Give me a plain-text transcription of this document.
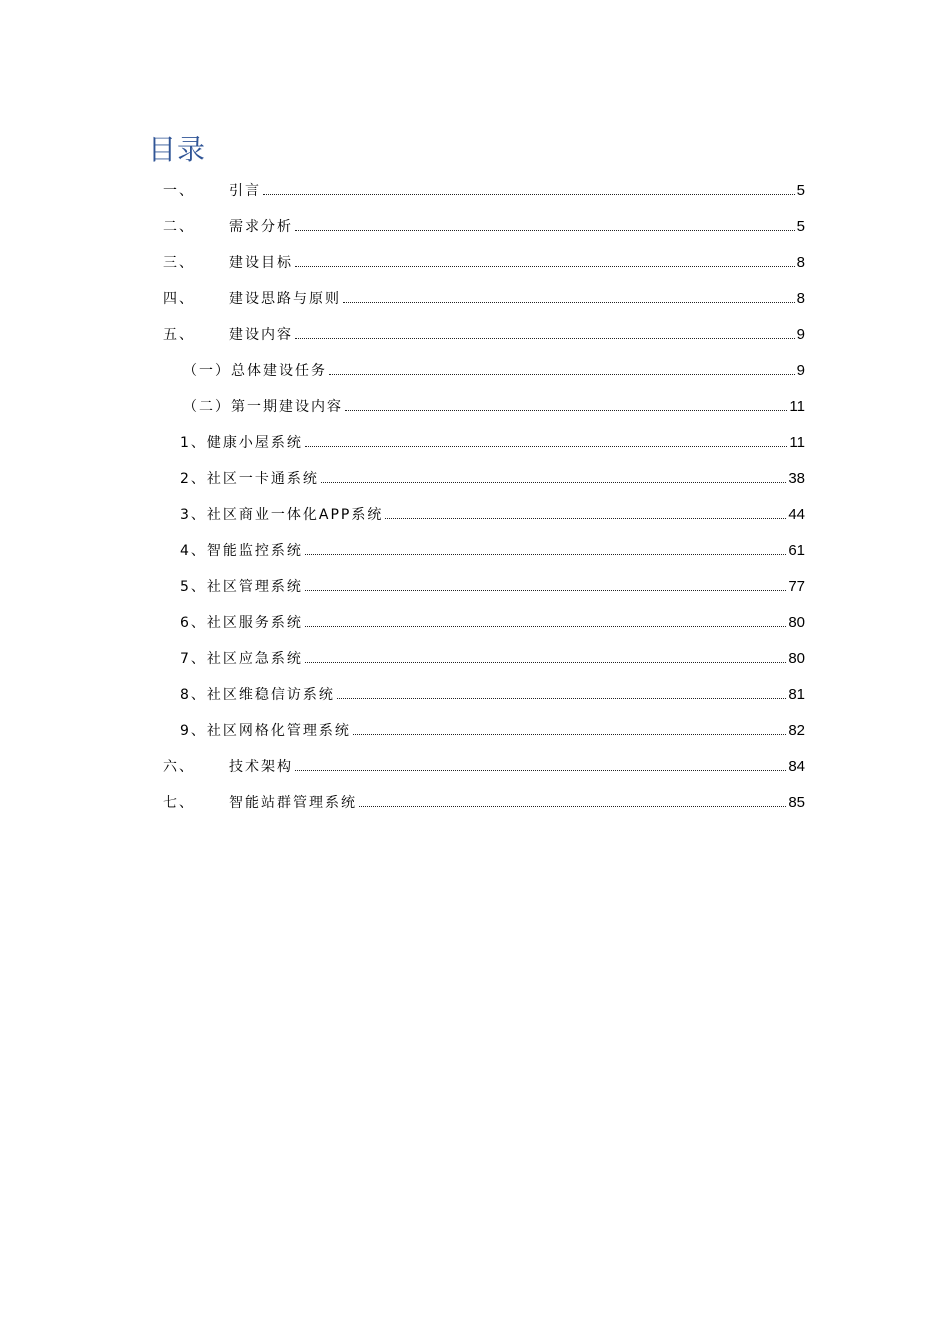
目录
一、 引言	5
二、 需求分析	5
三、 建设目标	8
四、 建设思路与原则	8
五、 建设内容	9
（一）总体建设任务	9
（二）第一期建设内容	11
1、健康小屋系统	11
2、社区一卡通系统	38
3、社区商业一体化APP系统	44
4、智能监控系统	61
5、社区管理系统	77
6、社区服务系统	80
7、社区应急系统	80
8、社区维稳信访系统	81
9、社区网格化管理系统	82
六、 技术架构	84
七、 智能站群管理系统	85
